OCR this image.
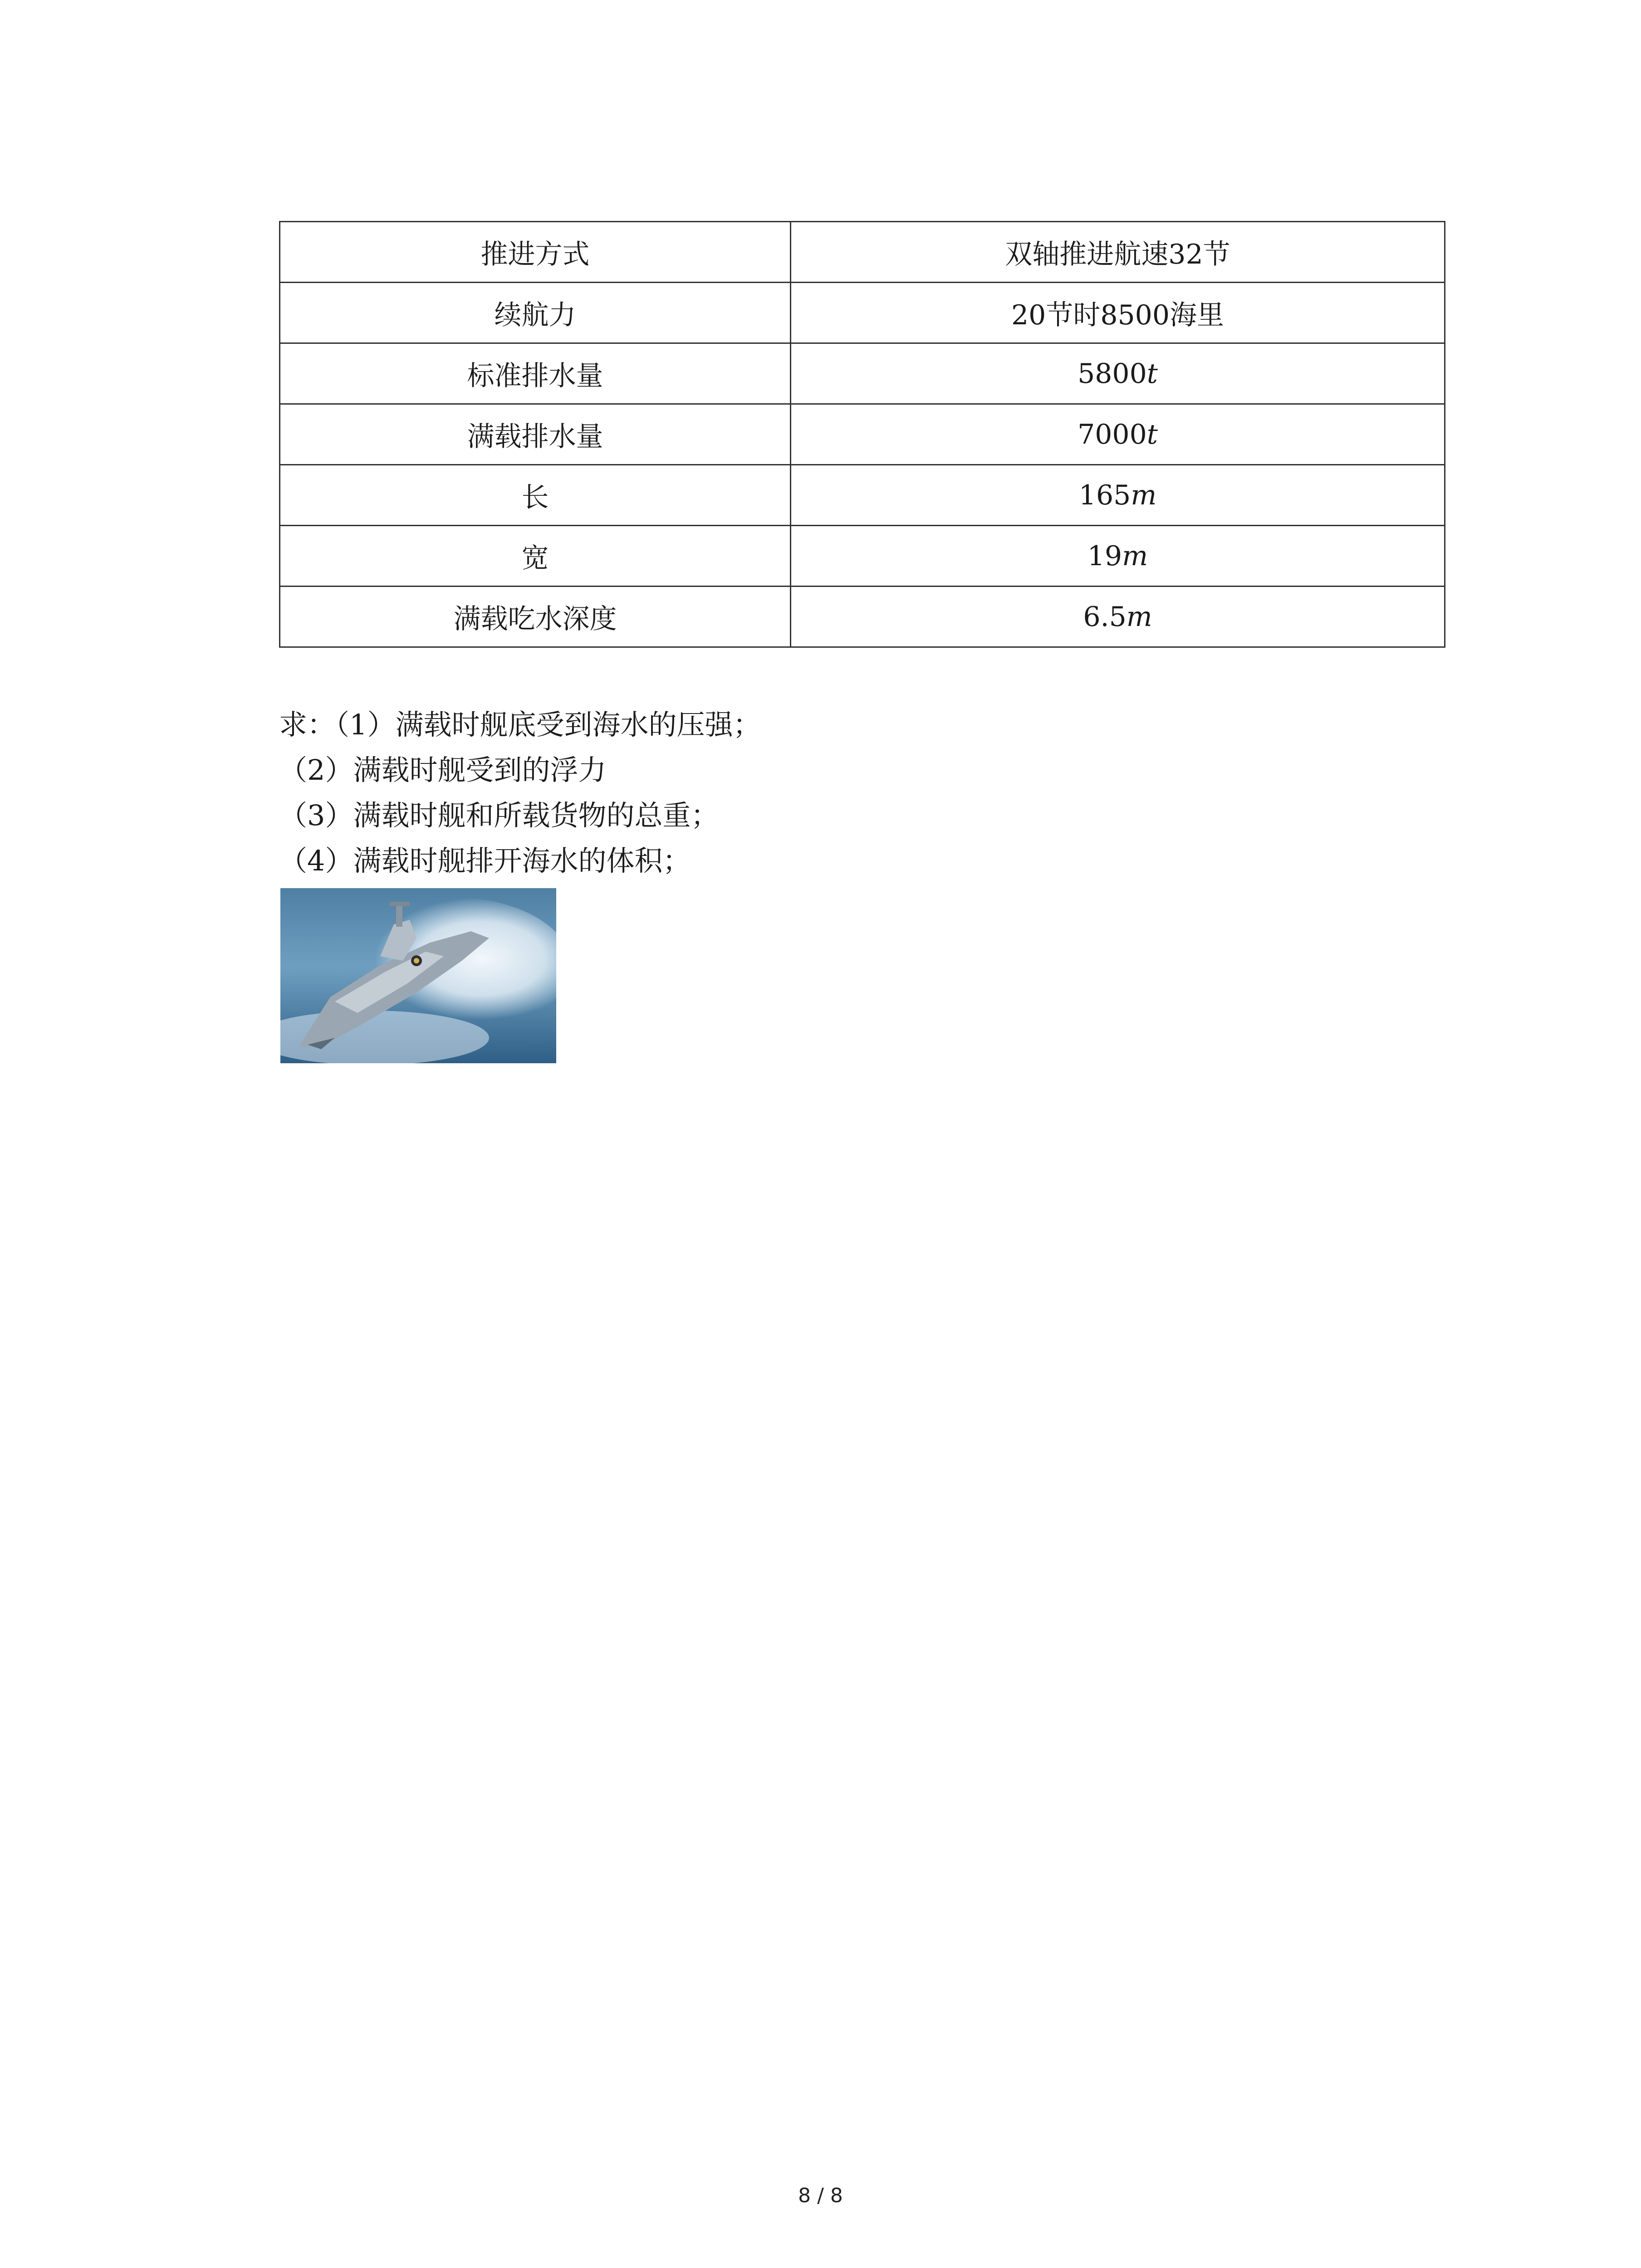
推进方式	双轴推进航速32节
续航力	20节时8500海里
标准排水量	5800t
满载排水量	7000t
长	165m
宽	19m
满载吃水深度	6.5m
求：（1）满载时舰底受到海水的压强；
（2）满载时舰受到的浮力
（3）满载时舰和所载货物的总重；
（4）满载时舰排开海水的体积；
8 / 8
